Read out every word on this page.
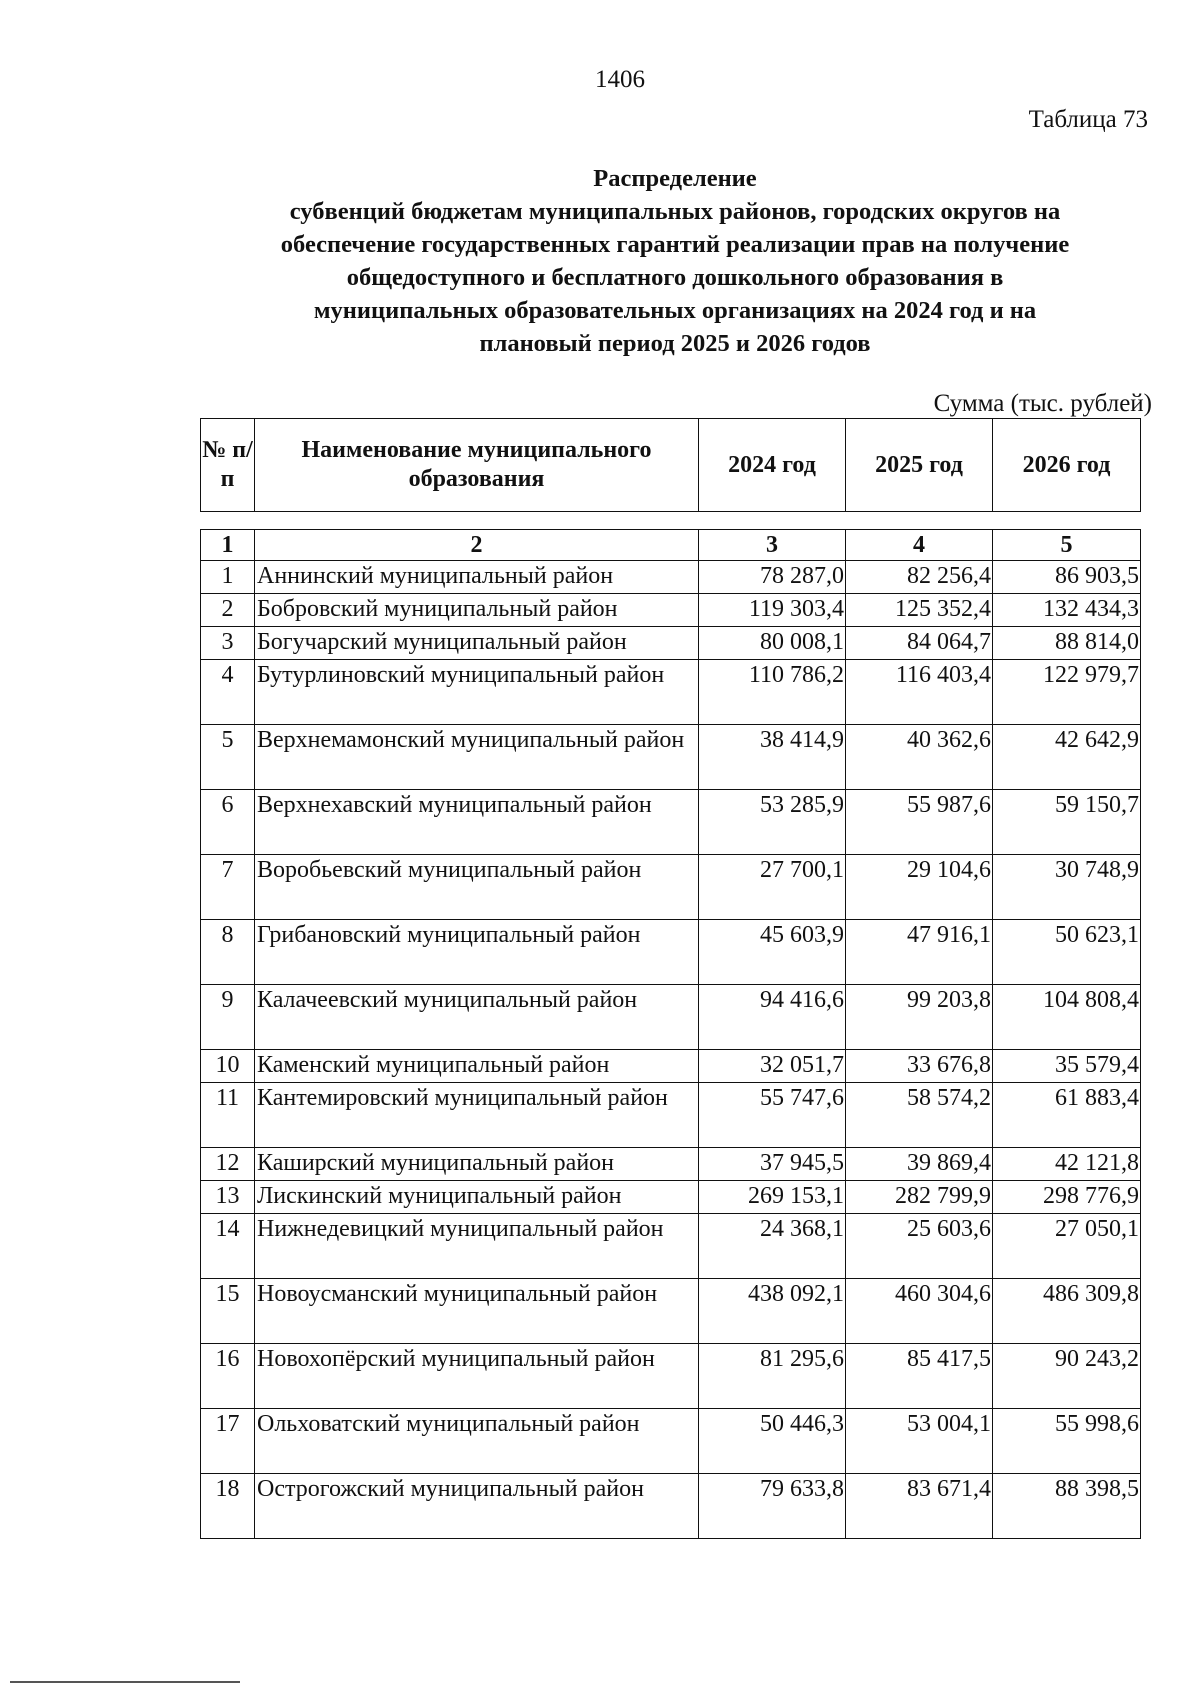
1406
Таблица 73
Распределение
субвенций бюджетам муниципальных районов, городских округов на
обеспечение государственных гарантий реализации прав на получение
общедоступного и бесплатного дошкольного образования в
муниципальных образовательных организациях на 2024 год и на
плановый период 2025 и 2026 годов
Сумма (тыс. рублей)
№ п/п	Наименование муниципального образования	2024 год	2025 год	2026 год
1	2	3	4	5
1	Аннинский муниципальный район	78 287,0	82 256,4	86 903,5
2	Бобровский муниципальный район	119 303,4	125 352,4	132 434,3
3	Богучарский муниципальный район	80 008,1	84 064,7	88 814,0
4	Бутурлиновский муниципальный район	110 786,2	116 403,4	122 979,7
5	Верхнемамонский муниципальный район	38 414,9	40 362,6	42 642,9
6	Верхнехавский муниципальный район	53 285,9	55 987,6	59 150,7
7	Воробьевский муниципальный район	27 700,1	29 104,6	30 748,9
8	Грибановский муниципальный район	45 603,9	47 916,1	50 623,1
9	Калачеевский муниципальный район	94 416,6	99 203,8	104 808,4
10	Каменский муниципальный район	32 051,7	33 676,8	35 579,4
11	Кантемировский муниципальный район	55 747,6	58 574,2	61 883,4
12	Каширский муниципальный район	37 945,5	39 869,4	42 121,8
13	Лискинский муниципальный район	269 153,1	282 799,9	298 776,9
14	Нижнедевицкий муниципальный район	24 368,1	25 603,6	27 050,1
15	Новоусманский муниципальный район	438 092,1	460 304,6	486 309,8
16	Новохопёрский муниципальный район	81 295,6	85 417,5	90 243,2
17	Ольховатский муниципальный район	50 446,3	53 004,1	55 998,6
18	Острогожский муниципальный район	79 633,8	83 671,4	88 398,5
